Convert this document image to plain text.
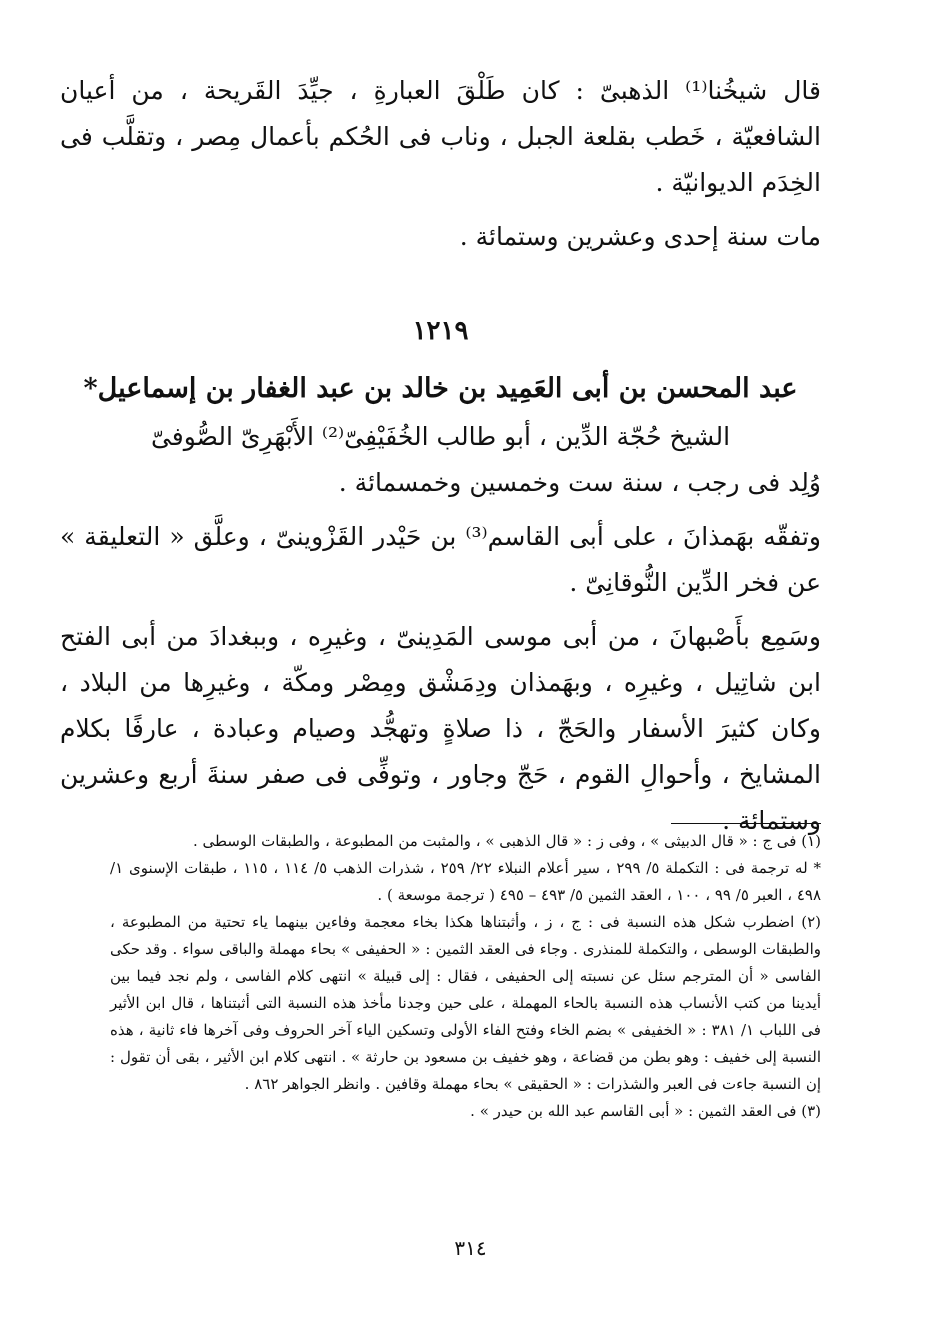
قال شيخُنا⁽¹⁾ الذهبىّ : كان طَلْقَ العبارةِ ، جيِّدَ القَريحة ، من أعيان الشافعيّة ، خَطب بقلعة الجبل ، وناب فى الحُكم بأعمال مِصر ، وتقلَّب فى الخِدَم الديوانيّة .

مات سنة إحدى وعشرين وستمائة .

١٢١٩
عبد المحسن بن أبى العَمِيد بن خالد بن عبد الغفار بن إسماعيل*
الشيخ حُجّة الدِّين ، أبو طالب الخُفَيْفِىّ⁽²⁾ الأَبْهَرِىّ الصُّوفىّ

وُلِد فى رجب ، سنة ست وخمسين وخمسمائة .

وتفقّه بهَمذانَ ، على أبى القاسم⁽³⁾ بن حَيْدر القَزْوينىّ ، وعلَّق « التعليقة » عن فخر الدِّين النُّوقانِىّ .

وسَمِع بأَصْبهانَ ، من أبى موسى المَدِينىّ ، وغيرِه ، وببغدادَ من أبى الفتح ابن شاتِيل ، وغيرِه ، وبهَمذان ودِمَشْق ومِصْر ومكّة ، وغيرِها من البلاد ، وكان كثيرَ الأسفار والحَجّ ، ذا صلاةٍ وتهجُّد وصيام وعبادة ، عارفًا بكلام المشايخ ، وأحوالِ القوم ، حَجّ وجاور ، وتوفِّى فى صفر سنةَ أربع وعشرين وستمائة .

(١) فى ج : « قال الدبيثى » ، وفى ز : « قال الذهبى » ، والمثبت من المطبوعة ، والطبقات الوسطى .

* له ترجمة فى : التكملة ٥/ ٢٩٩ ، سير أعلام النبلاء ٢٢/ ٢٥٩ ، شذرات الذهب ٥/ ١١٤ ، ١١٥ ، طبقات الإسنوى ١/ ٤٩٨ ، العبر ٥/ ٩٩ ، ١٠٠ ، العقد الثمين ٥/ ٤٩٣ – ٤٩٥ ( ترجمة موسعة ) .

(٢) اضطرب شكل هذه النسبة فى : ج ، ز ، وأثبتناها هكذا بخاء معجمة وفاءين بينهما ياء تحتية من المطبوعة ، والطبقات الوسطى ، والتكملة للمنذرى . وجاء فى العقد الثمين : « الحفيفى » بحاء مهملة والباقى سواء . وقد حكى الفاسى « أن المترجم سئل عن نسبته إلى الحفيفى ، فقال : إلى قبيلة » انتهى كلام الفاسى ، ولم نجد فيما بين أيدينا من كتب الأنساب هذه النسبة بالحاء المهملة ، على حين وجدنا مأخذ هذه النسبة التى أثبتناها ، قال ابن الأثير فى اللباب ١/ ٣٨١ : « الخفيفى » بضم الخاء وفتح الفاء الأولى وتسكين الياء آخر الحروف وفى آخرها فاء ثانية ، هذه النسبة إلى خفيف : وهو بطن من قضاعة ، وهو خفيف بن مسعود بن حارثة » . انتهى كلام ابن الأثير ، بقى أن تقول : إن النسبة جاءت فى العبر والشذرات : « الحقيقى » بحاء مهملة وقافين . وانظر الجواهر ٨٦٢ .

(٣) فى العقد الثمين : « أبى القاسم عبد الله بن حيدر » .

٣١٤
